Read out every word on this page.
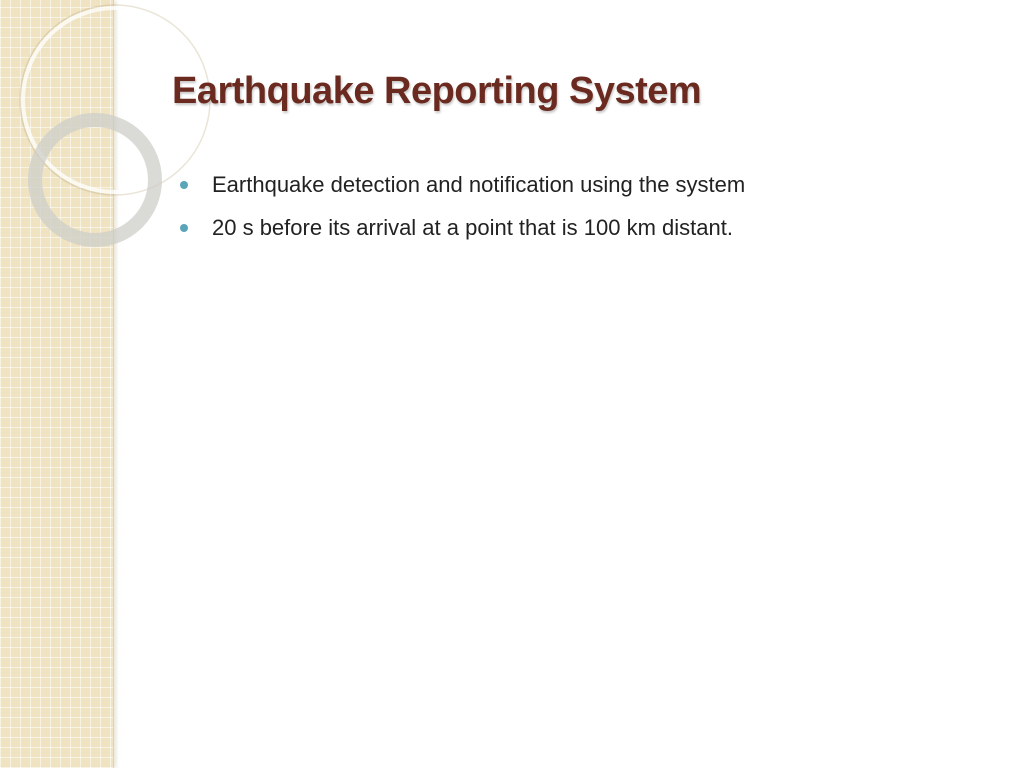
Earthquake Reporting System
Earthquake detection and notification using the system
20 s before its arrival at a point that is 100 km distant.
